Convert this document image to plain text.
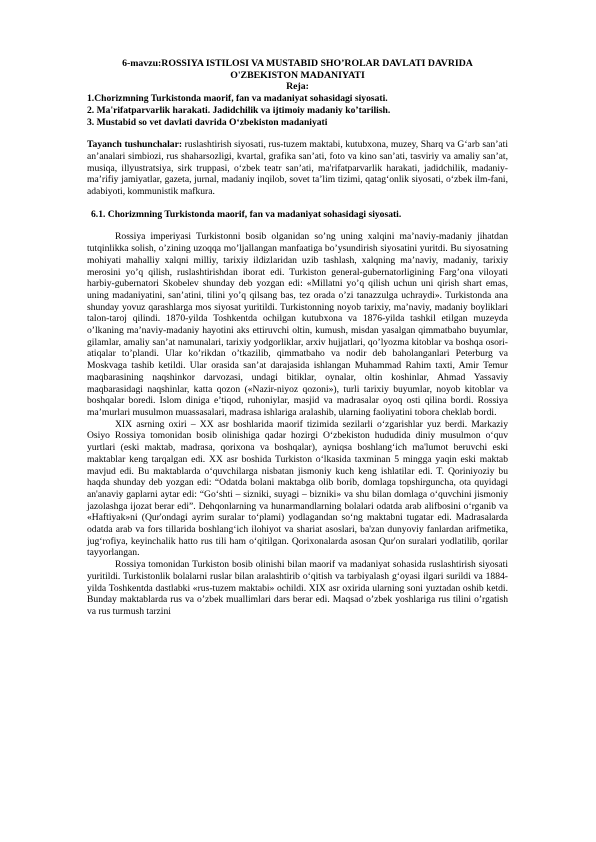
6-mavzu:ROSSIYA ISTILOSI VA MUSTABID SHO’ROLAR DAVLATI DAVRIDA
O'ZBEKISTON MADANIYATI
Reja:
1.Chorizmning Turkistonda maorif, fan va madaniyat sohasidagi siyosati.
2. Ma'rifatparvarlik harakati. Jadidchilik va ijtimoiy madaniy ko’tarilish.
3. Mustabid so vet davlati davrida O‘zbekiston madaniyati

Tayanch tushunchalar: ruslashtirish siyosati, rus-tuzem maktabi, kutubxona, muzey, Sharq va G‘arb san’ati an’analari simbiozi, rus shaharsozligi, kvartal, grafika san’ati, foto va kino san’ati, tasviriy va amaliy san’at, musiqa, illyustratsiya, sirk truppasi, o‘zbek teatr san’ati, ma'rifatparvarlik harakati, jadidchilik, madaniy-ma’rifiy jamiyatlar, gazeta, jurnal, madaniy inqilob, sovet ta’lim tizimi, qatag‘onlik siyosati, o‘zbek ilm-fani, adabiyoti, kommunistik mafkura.

6.1. Chorizmning Turkistonda maorif, fan va madaniyat sohasidagi siyosati.

Rossiya imperiyasi Turkistonni bosib olganidan so’ng uning xalqini ma’naviy-madaniy jihatdan tutqinlikka solish, o’zining uzoqqa mo’ljallangan manfaatiga bo’ysundirish siyosatini yuritdi. Bu siyosatning mohiyati mahalliy xalqni milliy, tarixiy ildizlaridan uzib tashlash, xalqning ma’naviy, madaniy, tarixiy merosini yo’q qilish, ruslashtirishdan iborat edi. Turkiston general-gubernatorligining Farg’ona viloyati harbiy-gubernatori Skobelev shunday deb yozgan edi: «Millatni yo’q qilish uchun uni qirish shart emas, uning madaniyatini, san’atini, tilini yo’q qilsang bas, tez orada o’zi tanazzulga uchraydi». Turkistonda ana shunday yovuz qarashlarga mos siyosat yuritildi. Turkistonning noyob tarixiy, ma’naviy, madaniy boyliklari talon-taroj qilindi. 1870-yilda Toshkentda ochilgan kutubxona va 1876-yilda tashkil etilgan muzeyda o’lkaning ma’naviy-madaniy hayotini aks ettiruvchi oltin, kumush, misdan yasalgan qimmatbaho buyumlar, gilamlar, amaliy san’at namunalari, tarixiy yodgorliklar, arxiv hujjatlari, qo’lyozma kitoblar va boshqa osori-atiqalar to’plandi. Ular ko’rikdan o’tkazilib, qimmatbaho va nodir deb baholanganlari Peterburg va Moskvaga tashib ketildi. Ular orasida san’at darajasida ishlangan Muhammad Rahim taxti, Amir Temur maqbarasining naqshinkor darvozasi, undagi bitiklar, oynalar, oltin koshinlar, Ahmad Yassaviy maqbarasidagi naqshinlar, katta qozon («Nazir-niyoz qozoni»), turli tarixiy buyumlar, noyob kitoblar va boshqalar boredi. Islom diniga e’tiqod, ruhoniylar, masjid va madrasalar oyoq osti qilina bordi. Rossiya ma’murlari musulmon muassasalari, madrasa ishlariga aralashib, ularning faoliyatini tobora cheklab bordi.

XIX asrning oxiri – XX asr boshlarida maorif tizimida sezilarli o‘zgarishlar yuz berdi. Markaziy Osiyo Rossiya tomonidan bosib olinishiga qadar hozirgi O‘zbekiston hududida diniy musulmon o‘quv yurtlari (eski maktab, madrasa, qorixona va boshqalar), ayniqsa boshlang‘ich ma'lumot beruvchi eski maktablar keng tarqalgan edi. XX asr boshida Turkiston o‘lkasida taxminan 5 mingga yaqin eski maktab mavjud edi. Bu maktablarda o‘quvchilarga nisbatan jismoniy kuch keng ishlatilar edi. T. Qoriniyoziy bu haqda shunday deb yozgan edi: “Odatda bolani maktabga olib borib, domlaga topshirguncha, ota quyidagi an'anaviy gaplarni aytar edi: “Go‘shti – sizniki, suyagi – bizniki» va shu bilan domlaga o‘quvchini jismoniy jazolashga ijozat berar edi”. Dehqonlarning va hunarmandlarning bolalari odatda arab alifbosini o‘rganib va «Haftiyak»ni (Qur'ondagi ayrim suralar to‘plami) yodlagandan so‘ng maktabni tugatar edi. Madrasalarda odatda arab va fors tillarida boshlang‘ich ilohiyot va shariat asoslari, ba'zan dunyoviy fanlardan arifmetika, jug‘rofiya, keyinchalik hatto rus tili ham o‘qitilgan. Qorixonalarda asosan Qur'on suralari yodlatilib, qorilar tayyorlangan.

Rossiya tomonidan Turkiston bosib olinishi bilan maorif va madaniyat sohasida ruslashtirish siyosati yuritildi. Turkistonlik bolalarni ruslar bilan aralashtirib o‘qitish va tarbiyalash g‘oyasi ilgari surildi va 1884-yilda Toshkentda dastlabki «rus-tuzem maktabi» ochildi. XIX asr oxirida ularning soni yuztadan oshib ketdi. Bunday maktablarda rus va o’zbek muallimlari dars berar edi. Maqsad o’zbek yoshlariga rus tilini o’rgatish va rus turmush tarzini
